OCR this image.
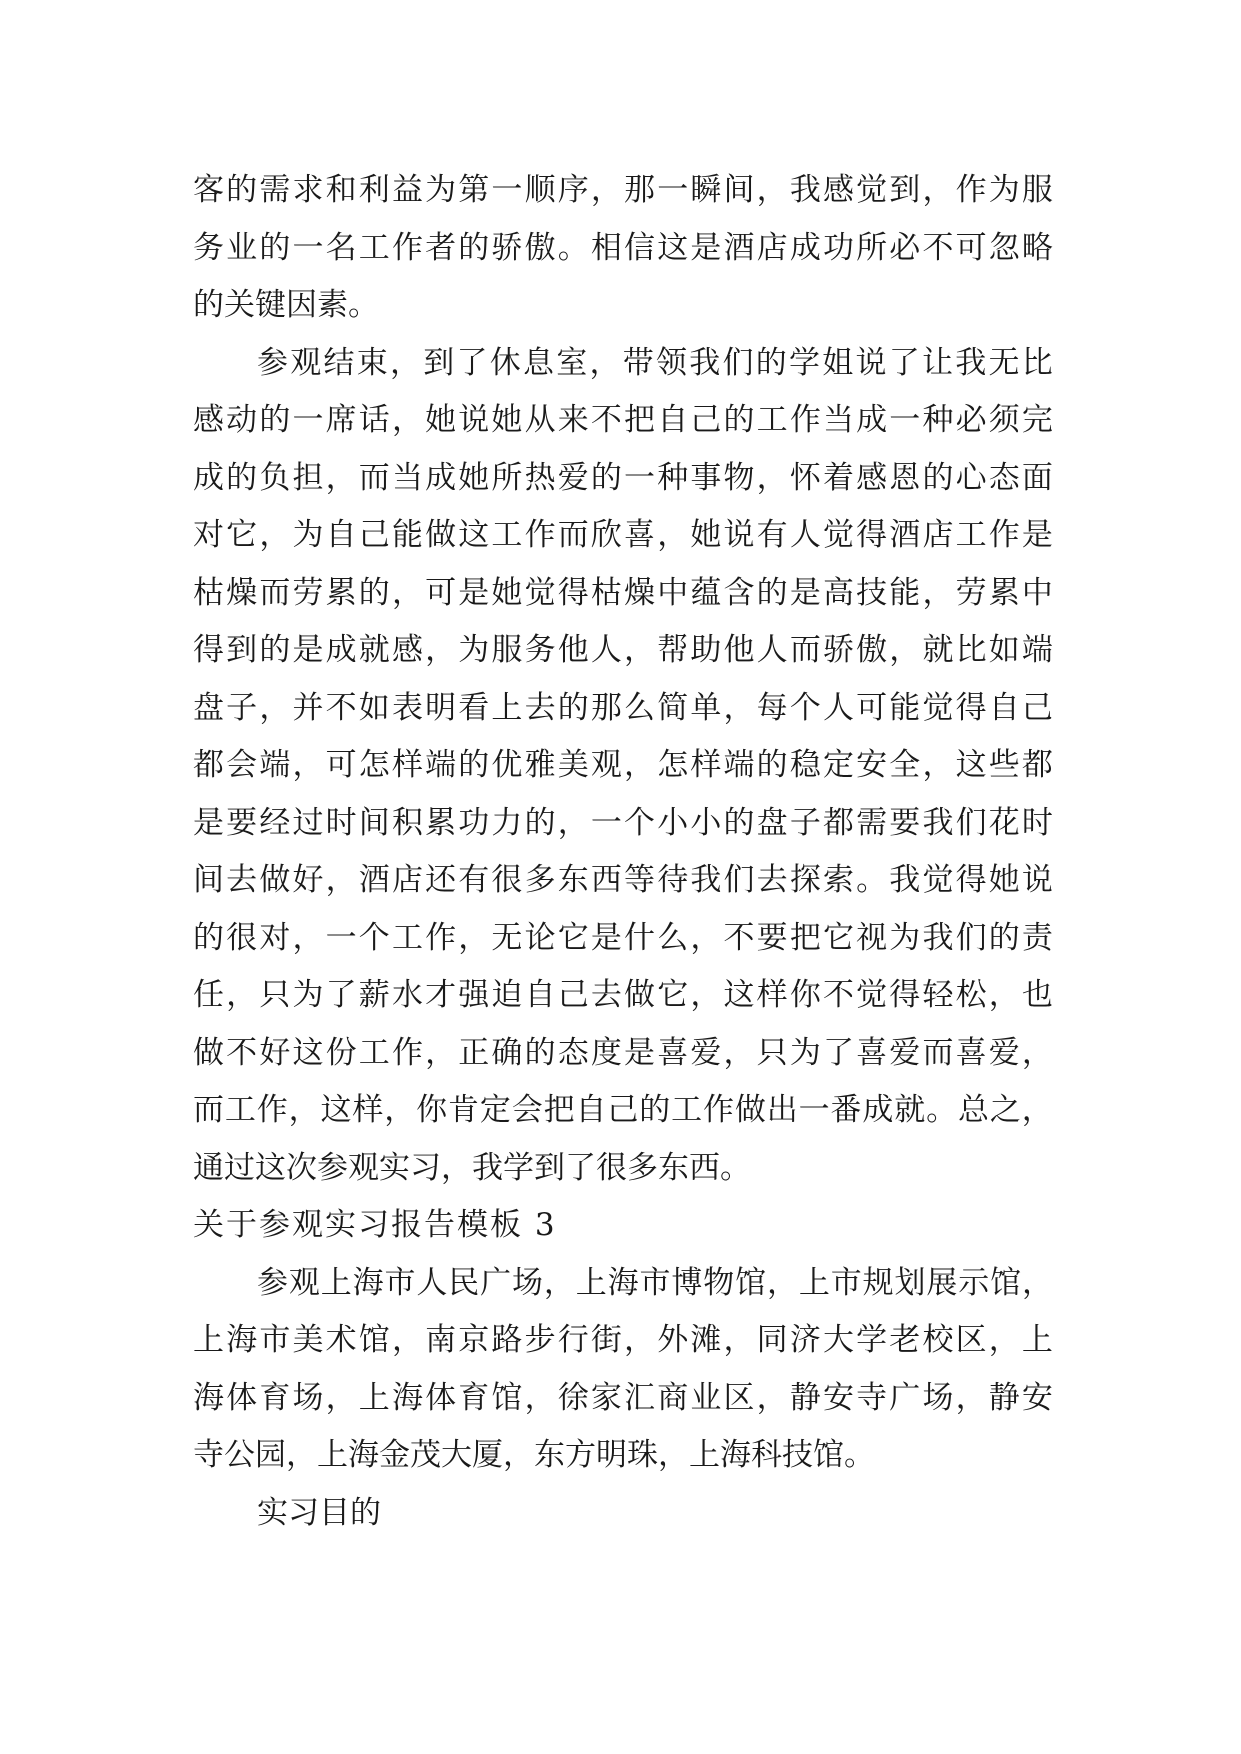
客 的 需 求 和 利 益 为 第 一 顺 序 ， 那 一 瞬 间 ， 我 感 觉 到 ， 作 为 服
务 业 的 一 名 工 作 者 的 骄 傲 。 相 信 这 是 酒 店 成 功 所 必 不 可 忽 略
的关键因素。
参 观 结 束 ， 到 了 休 息 室 ， 带 领 我 们 的 学 姐 说 了 让 我 无 比
感 动 的 一 席 话 ， 她 说 她 从 来 不 把 自 己 的 工 作 当 成 一 种 必 须 完
成 的 负 担 ， 而 当 成 她 所 热 爱 的 一 种 事 物 ， 怀 着 感 恩 的 心 态 面
对 它 ， 为 自 己 能 做 这 工 作 而 欣 喜 ， 她 说 有 人 觉 得 酒 店 工 作 是
枯 燥 而 劳 累 的 ， 可 是 她 觉 得 枯 燥 中 蕴 含 的 是 高 技 能 ， 劳 累 中
得 到 的 是 成 就 感 ， 为 服 务 他 人 ， 帮 助 他 人 而 骄 傲 ， 就 比 如 端
盘 子 ， 并 不 如 表 明 看 上 去 的 那 么 简 单 ， 每 个 人 可 能 觉 得 自 己
都 会 端 ， 可 怎 样 端 的 优 雅 美 观 ， 怎 样 端 的 稳 定 安 全 ， 这 些 都
是 要 经 过 时 间 积 累 功 力 的 ， 一 个 小 小 的 盘 子 都 需 要 我 们 花 时
间 去 做 好 ， 酒 店 还 有 很 多 东 西 等 待 我 们 去 探 索 。 我 觉 得 她 说
的 很 对 ， 一 个 工 作 ， 无 论 它 是 什 么 ， 不 要 把 它 视 为 我 们 的 责
任 ， 只 为 了 薪 水 才 强 迫 自 己 去 做 它 ， 这 样 你 不 觉 得 轻 松 ， 也
做 不 好 这 份 工 作 ， 正 确 的 态 度 是 喜 爱 ， 只 为 了 喜 爱 而 喜 爱 ，
而 工 作 ， 这 样 ， 你 肯 定 会 把 自 己 的 工 作 做 出 一 番 成 就 。 总 之 ，
通过这次参观实习，我学到了很多东西。
关于参观实习报告模板 3
参 观 上 海 市 人 民 广 场 ， 上 海 市 博 物 馆 ， 上 市 规 划 展 示 馆 ，
上 海 市 美 术 馆 ， 南 京 路 步 行 街 ， 外 滩 ， 同 济 大 学 老 校 区 ， 上
海 体 育 场 ， 上 海 体 育 馆 ， 徐 家 汇 商 业 区 ， 静 安 寺 广 场 ， 静 安
寺公园，上海金茂大厦，东方明珠，上海科技馆。
实习目的
